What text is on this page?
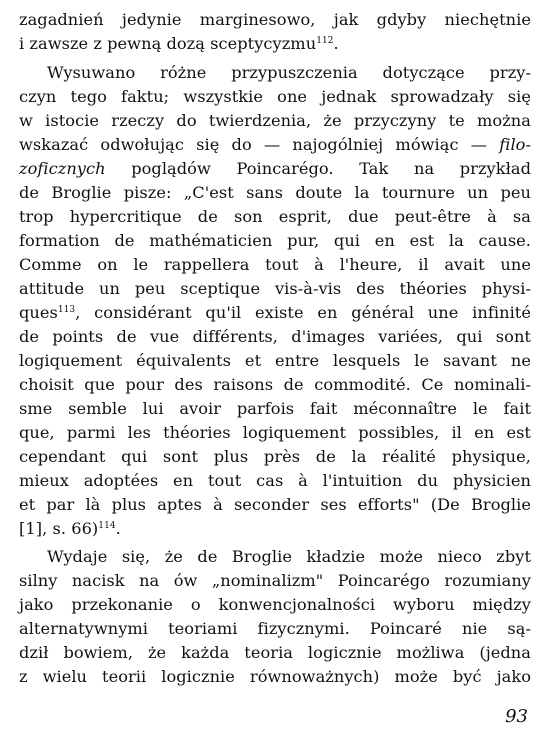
zagadnień jedynie marginesowo, jak gdyby niechętnie
i zawsze z pewną dozą sceptycyzmu$^{112}$.
Wysuwano różne przypuszczenia dotyczące przy-
czyn tego faktu; wszystkie one jednak sprowadzały się
w istocie rzeczy do twierdzenia, że przyczyny te można
wskazać odwołując się do — najogólniej mówiąc — filo-
zoficznych poglądów Poincarégo. Tak na przykład
de Broglie pisze: „C'est sans doute la tournure un peu
trop hypercritique de son esprit, due peut-être à sa
formation de mathématicien pur, qui en est la cause.
Comme on le rappellera tout à l'heure, il avait une
attitude un peu sceptique vis-à-vis des théories physi-
ques$^{113}$, considérant qu'il existe en général une infinité
de points de vue différents, d'images variées, qui sont
logiquement équivalents et entre lesquels le savant ne
choisit que pour des raisons de commodité. Ce nominali-
sme semble lui avoir parfois fait méconnaître le fait
que, parmi les théories logiquement possibles, il en est
cependant qui sont plus près de la réalité physique,
mieux adoptées en tout cas à l'intuition du physicien
et par là plus aptes à seconder ses efforts" (De Broglie
[1], s. 66)$^{114}$.
Wydaje się, że de Broglie kładzie może nieco zbyt
silny nacisk na ów „nominalizm" Poincarégo rozumiany
jako przekonanie o konwencjonalności wyboru między
alternatywnymi teoriami fizycznymi. Poincaré nie są-
dził bowiem, że każda teoria logicznie możliwa (jedna
z wielu teorii logicznie równoważnych) może być jako
93
